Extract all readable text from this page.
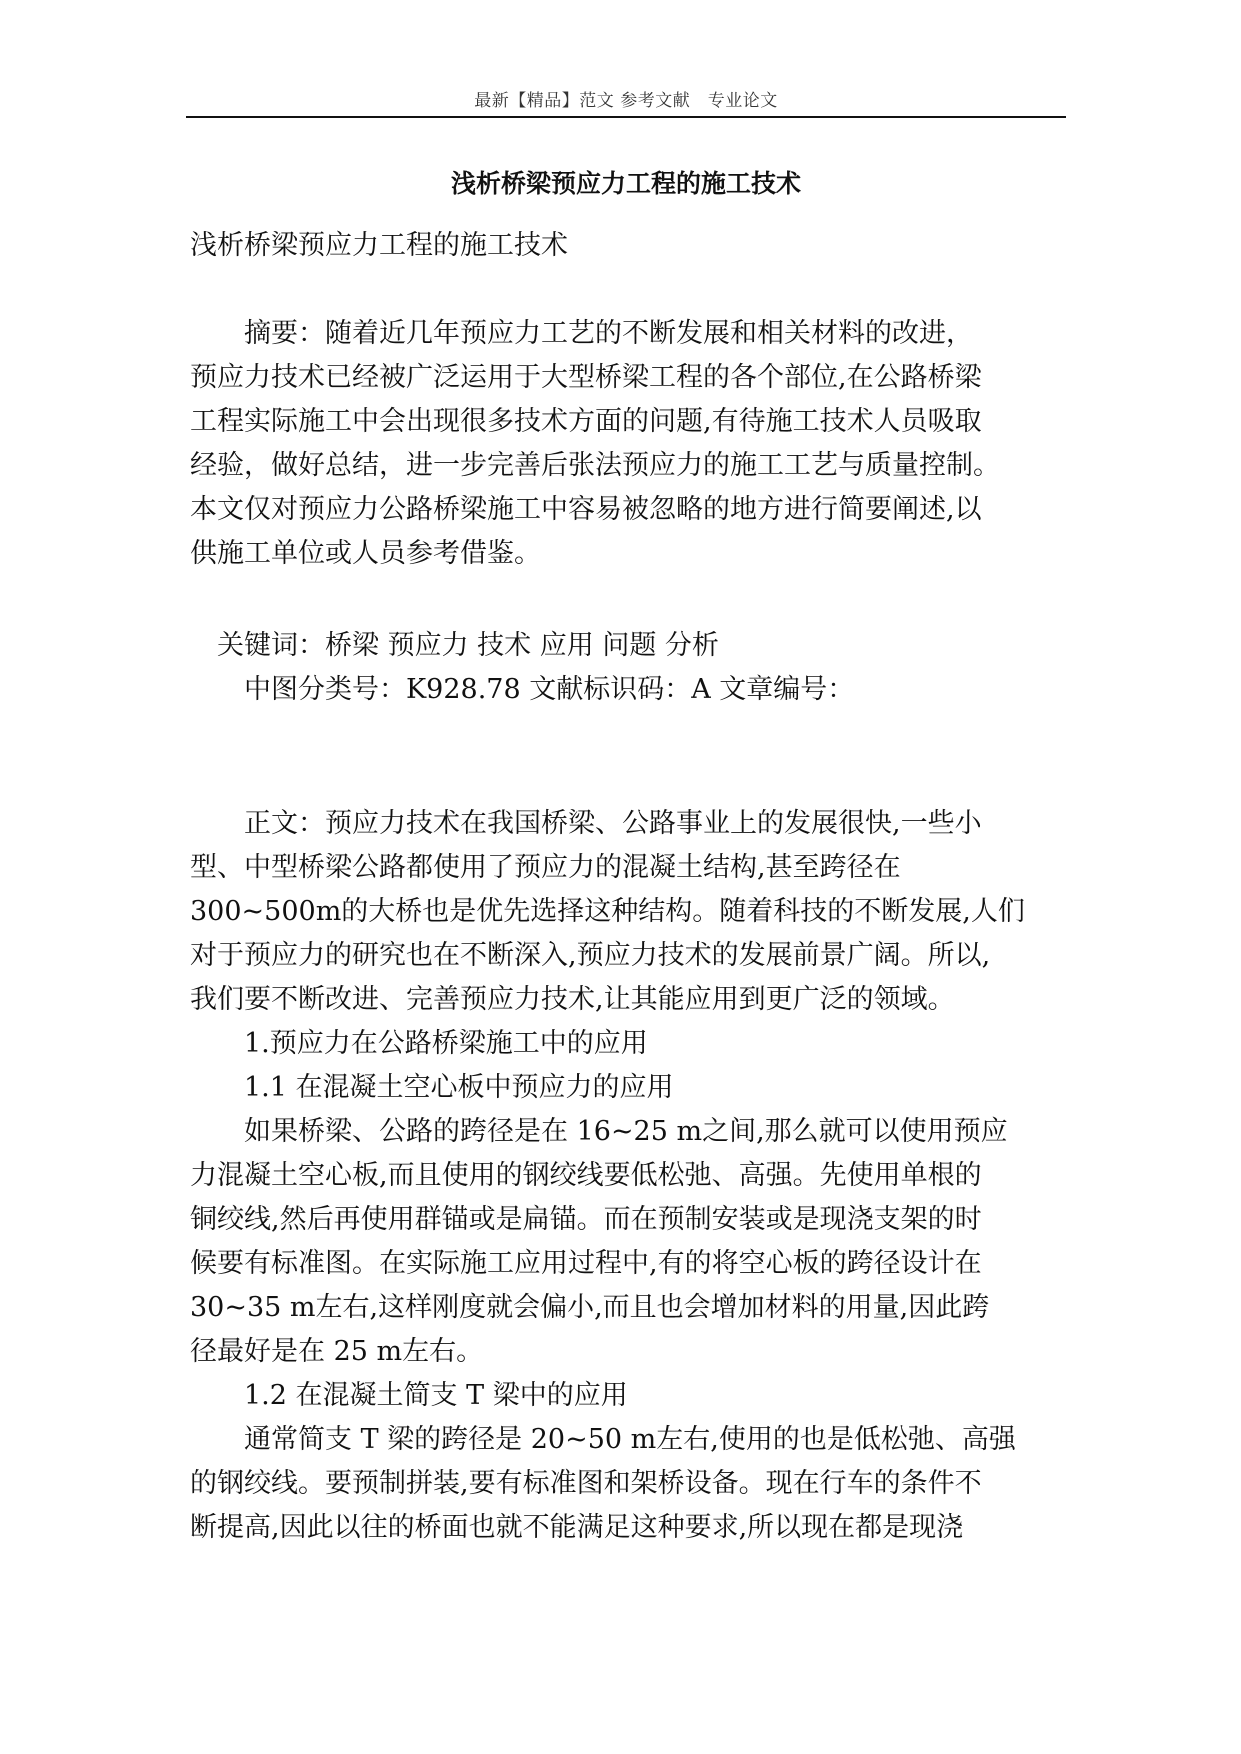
最新【精品】范文 参考文献　专业论文
浅析桥梁预应力工程的施工技术
浅析桥梁预应力工程的施工技术
　　摘要：随着近几年预应力工艺的不断发展和相关材料的改进，
预应力技术已经被广泛运用于大型桥梁工程的各个部位,在公路桥梁
工程实际施工中会出现很多技术方面的问题,有待施工技术人员吸取
经验，做好总结，进一步完善后张法预应力的施工工艺与质量控制。
本文仅对预应力公路桥梁施工中容易被忽略的地方进行简要阐述,以
供施工单位或人员参考借鉴。
　关键词：桥梁 预应力 技术 应用 问题 分析
　　中图分类号：K928.78 文献标识码：A 文章编号：
　　正文：预应力技术在我国桥梁、公路事业上的发展很快,一些小
型、中型桥梁公路都使用了预应力的混凝土结构,甚至跨径在
300~500m的大桥也是优先选择这种结构。随着科技的不断发展,人们
对于预应力的研究也在不断深入,预应力技术的发展前景广阔。所以,
我们要不断改进、完善预应力技术,让其能应用到更广泛的领域。
　　1.预应力在公路桥梁施工中的应用
　　1.1 在混凝土空心板中预应力的应用
　　如果桥梁、公路的跨径是在 16~25 m之间,那么就可以使用预应
力混凝土空心板,而且使用的钢绞线要低松弛、高强。先使用单根的
铜绞线,然后再使用群锚或是扁锚。而在预制安装或是现浇支架的时
候要有标准图。在实际施工应用过程中,有的将空心板的跨径设计在
30~35 m左右,这样刚度就会偏小,而且也会增加材料的用量,因此跨
径最好是在 25 m左右。
　　1.2 在混凝土简支 T 梁中的应用
　　通常简支 T 梁的跨径是 20~50 m左右,使用的也是低松弛、高强
的钢绞线。要预制拼装,要有标准图和架桥设备。现在行车的条件不
断提高,因此以往的桥面也就不能满足这种要求,所以现在都是现浇
